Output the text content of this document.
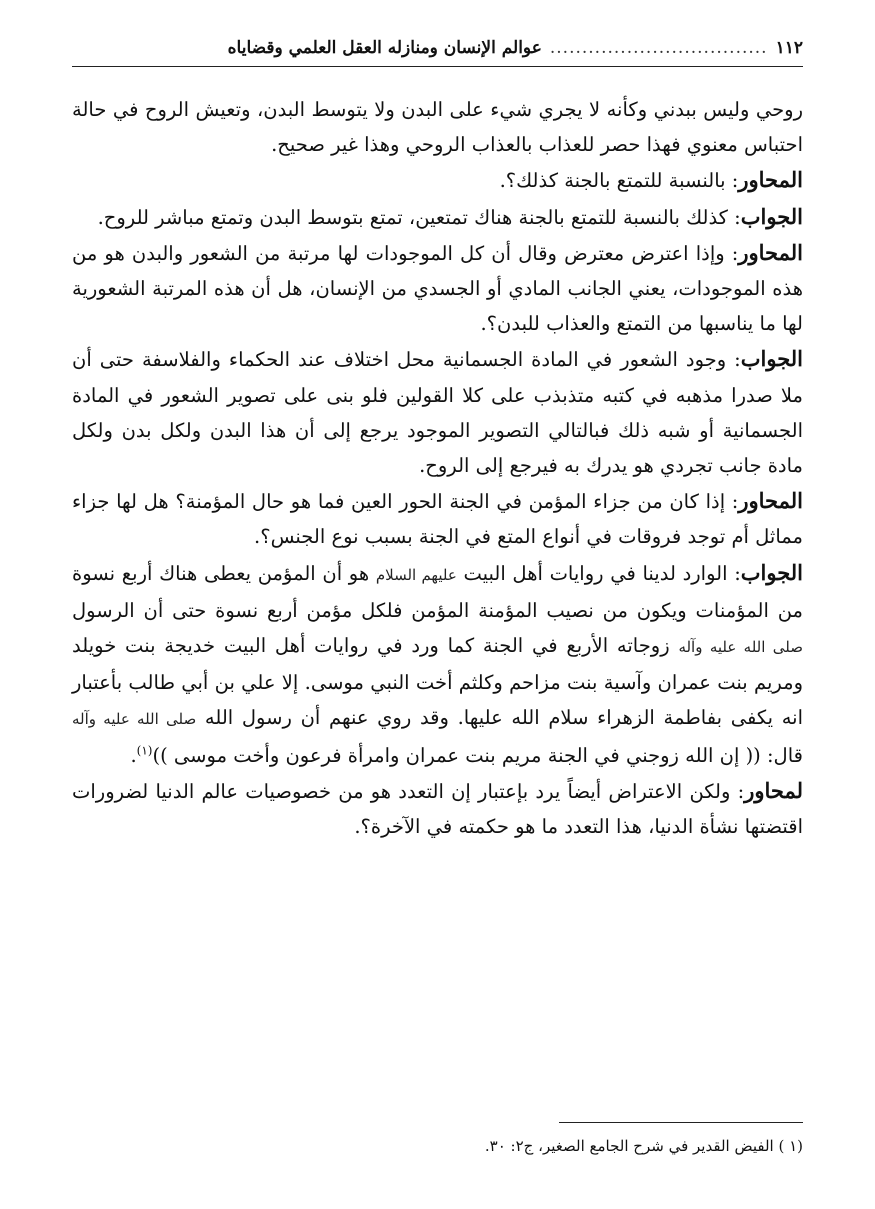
١١٢
..................................
عوالم الإنسان ومنازله العقل العلمي وقضاياه

روحي وليس ببدني وكأنه لا يجري شيء على البدن ولا يتوسط البدن، وتعيش الروح في حالة احتباس معنوي فهذا حصر للعذاب بالعذاب الروحي وهذا غير صحيح.

المحاور: بالنسبة للتمتع بالجنة كذلك؟.

الجواب: كذلك بالنسبة للتمتع بالجنة هناك تمتعين، تمتع بتوسط البدن وتمتع مباشر للروح.

المحاور: وإذا اعترض معترض وقال أن كل الموجودات لها مرتبة من الشعور والبدن هو من هذه الموجودات، يعني الجانب المادي أو الجسدي من الإنسان، هل أن هذه المرتبة الشعورية لها ما يناسبها من التمتع والعذاب للبدن؟.

الجواب: وجود الشعور في المادة الجسمانية محل اختلاف عند الحكماء والفلاسفة حتى أن ملا صدرا مذهبه في كتبه متذبذب على كلا القولين فلو بنى على تصوير الشعور في المادة الجسمانية أو شبه ذلك فبالتالي التصوير الموجود يرجع إلى أن هذا البدن ولكل بدن ولكل مادة جانب تجردي هو يدرك به فيرجع إلى الروح.

المحاور: إذا كان من جزاء المؤمن في الجنة الحور العين فما هو حال المؤمنة؟ هل لها جزاء مماثل أم توجد فروقات في أنواع المتع في الجنة بسبب نوع الجنس؟.

الجواب: الوارد لدينا في روايات أهل البيت عليهم السلام هو أن المؤمن يعطى هناك أربع نسوة من المؤمنات ويكون من نصيب المؤمنة المؤمن فلكل مؤمن أربع نسوة حتى أن الرسول صلى الله عليه وآله زوجاته الأربع في الجنة كما ورد في روايات أهل البيت خديجة بنت خويلد ومريم بنت عمران وآسية بنت مزاحم وكلثم أخت النبي موسى. إلا علي بن أبي طالب بأعتبار انه يكفى بفاطمة الزهراء سلام الله عليها. وقد روي عنهم أن رسول الله صلى الله عليه وآله قال: (( إن الله زوجني في الجنة مريم بنت عمران وامرأة فرعون وأخت موسى ))$^{(١)}$.

لمحاور: ولكن الاعتراض أيضاً يرد بإعتبار إن التعدد هو من خصوصيات عالم الدنيا لضرورات اقتضتها نشأة الدنيا، هذا التعدد ما هو حكمته في الآخرة؟.

(١ ) الفيض القدير في شرح الجامع الصغير، ج٢: ٣٠.
